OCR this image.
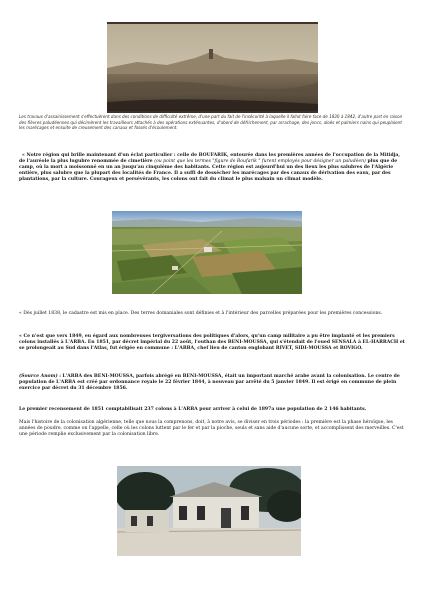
Les travaux d'assainissement s'effectuèrent dans des conditions de difficulté extrême, d'une part du fait de l'insécurité à laquelle il fallut faire face de 1830 à 1842, d'autre part en raison des fièvres paludéennes qui décimèrent les travailleurs attachés à des opérations exténuantes, d'abord de défrichement, par arrachage, des joncs, aloès et palmiers nains qui peuplaient les marécages et ensuite de creusement des canaux et fossés d'écoulement.

« Notre région qui brille maintenant d'un éclat particulier : celle de BOUFARIK, entourée dans les premières années de l'occupation de la Mitidja, de l'auréole la plus lugubre renommée de cimetière (ou point que les termes "figure de Boufarik " furent employés pour désigner un paludéen) plus que de camp, où la mort a moissonné en un an jusqu'au cinquième des habitants. Cette région est aujourd'hui un des lieux les plus salubres de l'Algérie entière, plus salubre que la plupart des localités de France. Il a suffi de dessécher les marécages par des canaux de dérivation des eaux, par des plantations, par la culture. Courageux et persévérants, les colons ont fait du climat le plus malsain un climat modèle.

« Dès juillet 1838, le cadastre est mis en place. Des terres domaniales sont définies et à l'intérieur des parcelles préparées pour les premières concessions.

« Ce n'est que vers 1849, eu égard aux nombreuses tergiversations des politiques d'alors, qu'un camp militaire a pu être implanté et les premiers colons installés à L'ARBA. En 1851, par décret impérial du 22 août, l'outhan des BENI-MOUSSA, qui s'étendait de l'oued SENSALA à EL-HARRACH et se prolongeait au Sud dans l'Atlas, fut érigée en commune : L'ARBA, chef lieu de canton englobant RIVET, SIDI-MOUSSA et ROVIGO.

(Source Anom) : L'ARBA des BENI-MOUSSA, parfois abrégé en BENI-MOUSSA, était un important marché arabe avant la colonisation. Le centre de population de L'ARBA est créé par ordonnance royale le 22 février 1844, à nouveau par arrêté du 5 janvier 1849. Il est érigé en commune de plein exercice par décret du 31 décembre 1856.

Le premier recensement de 1851 comptabilisait 237 colons à L'ARBA pour arriver à celui de 1897a une population de 2 146 habitants.

Mais l'histoire de la colonisation algérienne, telle que nous la comprenons, doit, à notre avis, se diviser en trois périodes : la première est la phase héroïque, les années de poudre, comme on l'appelle, celle où les colons luttent par le fer et par la pioche, seuls et sans aide d'aucune sorte, et accomplissent des merveilles. C'est une période remplie exclusivement par la colonisation libre.
